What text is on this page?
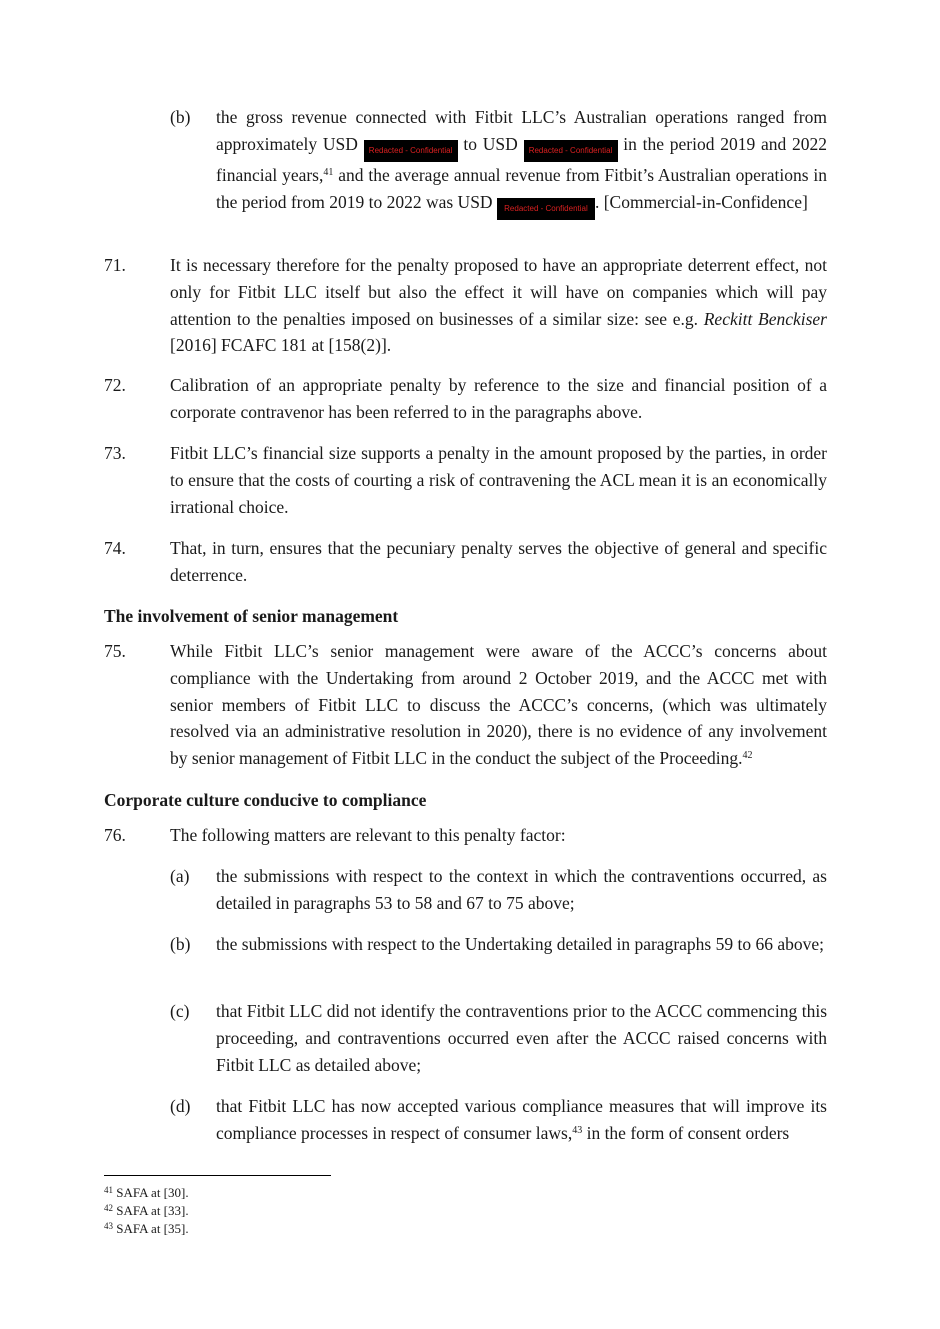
(b) the gross revenue connected with Fitbit LLC’s Australian operations ranged from approximately USD Redacted - Confidential to USD Redacted - Confidential in the period 2019 and 2022 financial years,$^{41}$ and the average annual revenue from Fitbit’s Australian operations in the period from 2019 to 2022 was USD Redacted - Confidential . [Commercial-in-Confidence]
71.	It is necessary therefore for the penalty proposed to have an appropriate deterrent effect, not only for Fitbit LLC itself but also the effect it will have on companies which will pay attention to the penalties imposed on businesses of a similar size: see e.g. Reckitt Benckiser [2016] FCAFC 181 at [158(2)].
72.	Calibration of an appropriate penalty by reference to the size and financial position of a corporate contravenor has been referred to in the paragraphs above.
73.	Fitbit LLC’s financial size supports a penalty in the amount proposed by the parties, in order to ensure that the costs of courting a risk of contravening the ACL mean it is an economically irrational choice.
74.	That, in turn, ensures that the pecuniary penalty serves the objective of general and specific deterrence.
The involvement of senior management
75.	While Fitbit LLC’s senior management were aware of the ACCC’s concerns about compliance with the Undertaking from around 2 October 2019, and the ACCC met with senior members of Fitbit LLC to discuss the ACCC’s concerns, (which was ultimately resolved via an administrative resolution in 2020), there is no evidence of any involvement by senior management of Fitbit LLC in the conduct the subject of the Proceeding.$^{42}$
Corporate culture conducive to compliance
76.	The following matters are relevant to this penalty factor:
(a) the submissions with respect to the context in which the contraventions occurred, as detailed in paragraphs 53 to 58 and 67 to 75 above;
(b) the submissions with respect to the Undertaking detailed in paragraphs 59 to 66 above;
(c) that Fitbit LLC did not identify the contraventions prior to the ACCC commencing this proceeding, and contraventions occurred even after the ACCC raised concerns with Fitbit LLC as detailed above;
(d) that Fitbit LLC has now accepted various compliance measures that will improve its compliance processes in respect of consumer laws,$^{43}$ in the form of consent orders
$^{41}$ SAFA at [30].
$^{42}$ SAFA at [33].
$^{43}$ SAFA at [35].
